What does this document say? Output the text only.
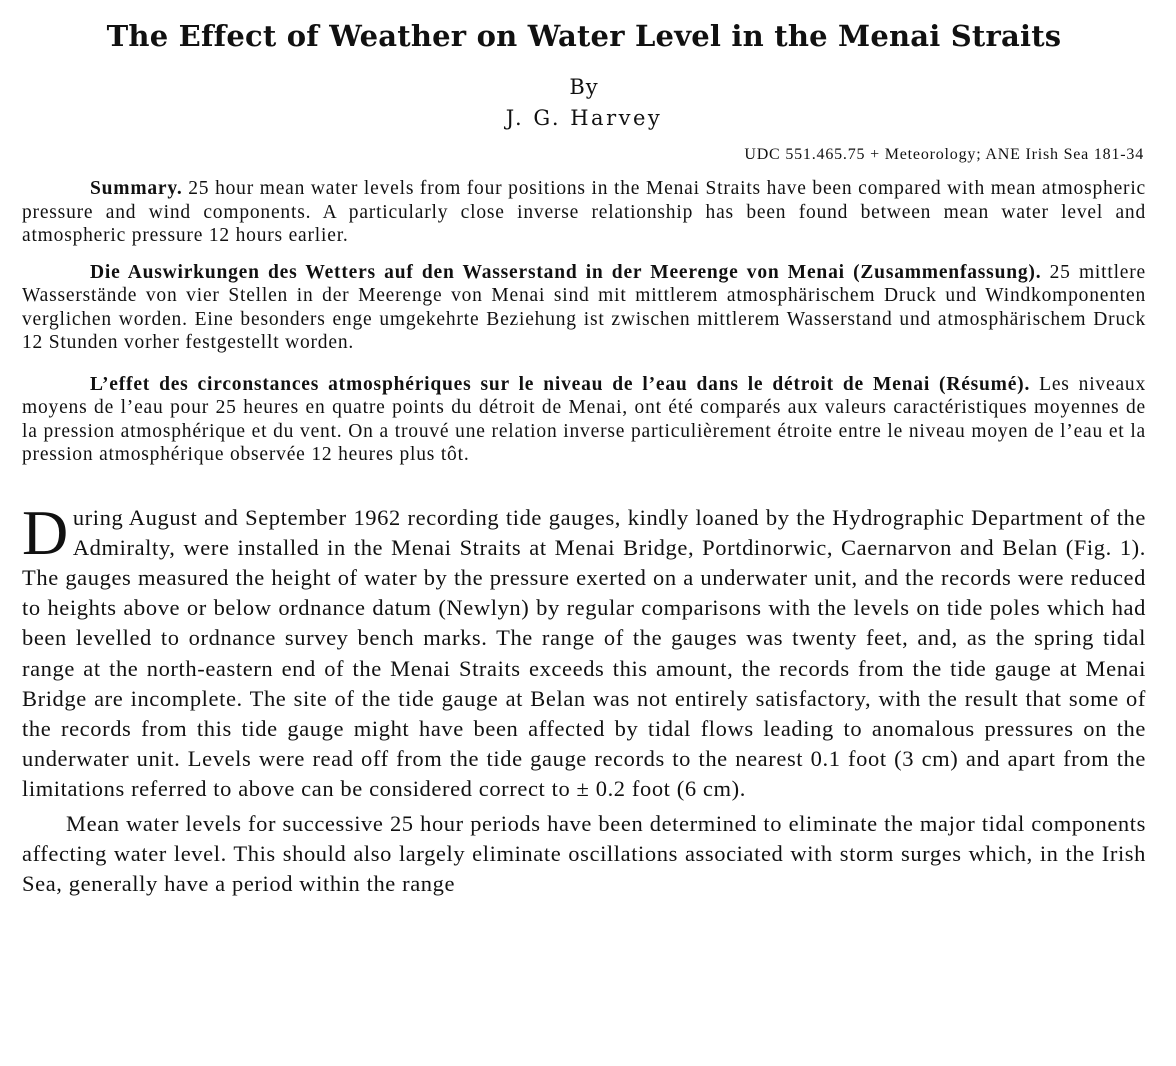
The Effect of Weather on Water Level in the Menai Straits
By
J. G. Harvey
UDC 551.465.75 + Meteorology; ANE Irish Sea 181-34

Summary. 25 hour mean water levels from four positions in the Menai Straits have been compared with mean atmospheric pressure and wind components. A particularly close inverse relationship has been found between mean water level and atmospheric pressure 12 hours earlier.

Die Auswirkungen des Wetters auf den Wasserstand in der Meerenge von Menai (Zusammenfassung). 25 mittlere Wasserstände von vier Stellen in der Meerenge von Menai sind mit mittlerem atmosphärischem Druck und Windkomponenten verglichen worden. Eine besonders enge umgekehrte Beziehung ist zwischen mittlerem Wasserstand und atmosphärischem Druck 12 Stunden vorher festgestellt worden.

L’effet des circonstances atmosphériques sur le niveau de l’eau dans le détroit de Menai (Résumé). Les niveaux moyens de l’eau pour 25 heures en quatre points du détroit de Menai, ont été comparés aux valeurs caractéristiques moyennes de la pression atmosphérique et du vent. On a trouvé une relation inverse particulièrement étroite entre le niveau moyen de l’eau et la pression atmosphérique observée 12 heures plus tôt.

During August and September 1962 recording tide gauges, kindly loaned by the Hydrographic Department of the Admiralty, were installed in the Menai Straits at Menai Bridge, Portdinorwic, Caernarvon and Belan (Fig. 1). The gauges measured the height of water by the pressure exerted on a underwater unit, and the records were reduced to heights above or below ordnance datum (Newlyn) by regular comparisons with the levels on tide poles which had been levelled to ordnance survey bench marks. The range of the gauges was twenty feet, and, as the spring tidal range at the north-eastern end of the Menai Straits exceeds this amount, the records from the tide gauge at Menai Bridge are incomplete. The site of the tide gauge at Belan was not entirely satisfactory, with the result that some of the records from this tide gauge might have been affected by tidal flows leading to anomalous pressures on the underwater unit. Levels were read off from the tide gauge records to the nearest 0.1 foot (3 cm) and apart from the limitations referred to above can be considered correct to ± 0.2 foot (6 cm).

Mean water levels for successive 25 hour periods have been determined to eliminate the major tidal components affecting water level. This should also largely eliminate oscillations associated with storm surges which, in the Irish Sea, generally have a period within the range
